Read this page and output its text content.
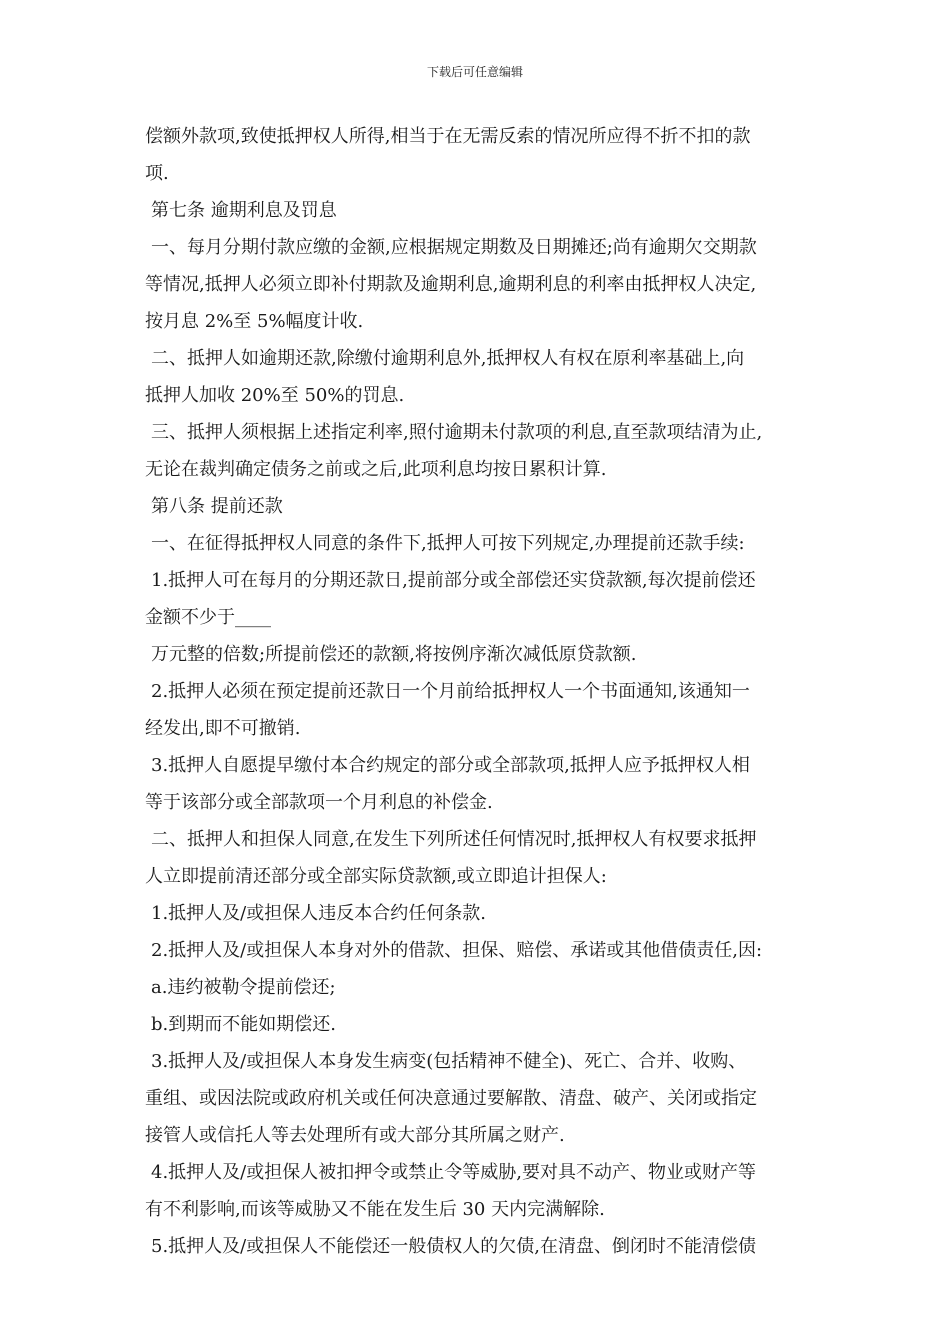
下载后可任意编辑
偿额外款项,致使抵押权人所得,相当于在无需反索的情况所应得不折不扣的款
项.
第七条 逾期利息及罚息
一、每月分期付款应缴的金额,应根据规定期数及日期摊还;尚有逾期欠交期款
等情况,抵押人必须立即补付期款及逾期利息,逾期利息的利率由抵押权人决定,
按月息 2%至 5%幅度计收.
二、抵押人如逾期还款,除缴付逾期利息外,抵押权人有权在原利率基础上,向
抵押人加收 20%至 50%的罚息.
三、抵押人须根据上述指定利率,照付逾期未付款项的利息,直至款项结清为止,
无论在裁判确定债务之前或之后,此项利息均按日累积计算.
第八条 提前还款
一、在征得抵押权人同意的条件下,抵押人可按下列规定,办理提前还款手续:
1.抵押人可在每月的分期还款日,提前部分或全部偿还实贷款额,每次提前偿还
金额不少于____
万元整的倍数;所提前偿还的款额,将按例序渐次减低原贷款额.
2.抵押人必须在预定提前还款日一个月前给抵押权人一个书面通知,该通知一
经发出,即不可撤销.
3.抵押人自愿提早缴付本合约规定的部分或全部款项,抵押人应予抵押权人相
等于该部分或全部款项一个月利息的补偿金.
二、抵押人和担保人同意,在发生下列所述任何情况时,抵押权人有权要求抵押
人立即提前清还部分或全部实际贷款额,或立即追计担保人:
1.抵押人及/或担保人违反本合约任何条款.
2.抵押人及/或担保人本身对外的借款、担保、赔偿、承诺或其他借债责任,因:
a.违约被勒令提前偿还;
b.到期而不能如期偿还.
3.抵押人及/或担保人本身发生病变(包括精神不健全)、死亡、合并、收购、
重组、或因法院或政府机关或任何决意通过要解散、清盘、破产、关闭或指定
接管人或信托人等去处理所有或大部分其所属之财产.
4.抵押人及/或担保人被扣押令或禁止令等威胁,要对具不动产、物业或财产等
有不利影响,而该等威胁又不能在发生后 30 天内完满解除.
5.抵押人及/或担保人不能偿还一般债权人的欠债,在清盘、倒闭时不能清偿债
